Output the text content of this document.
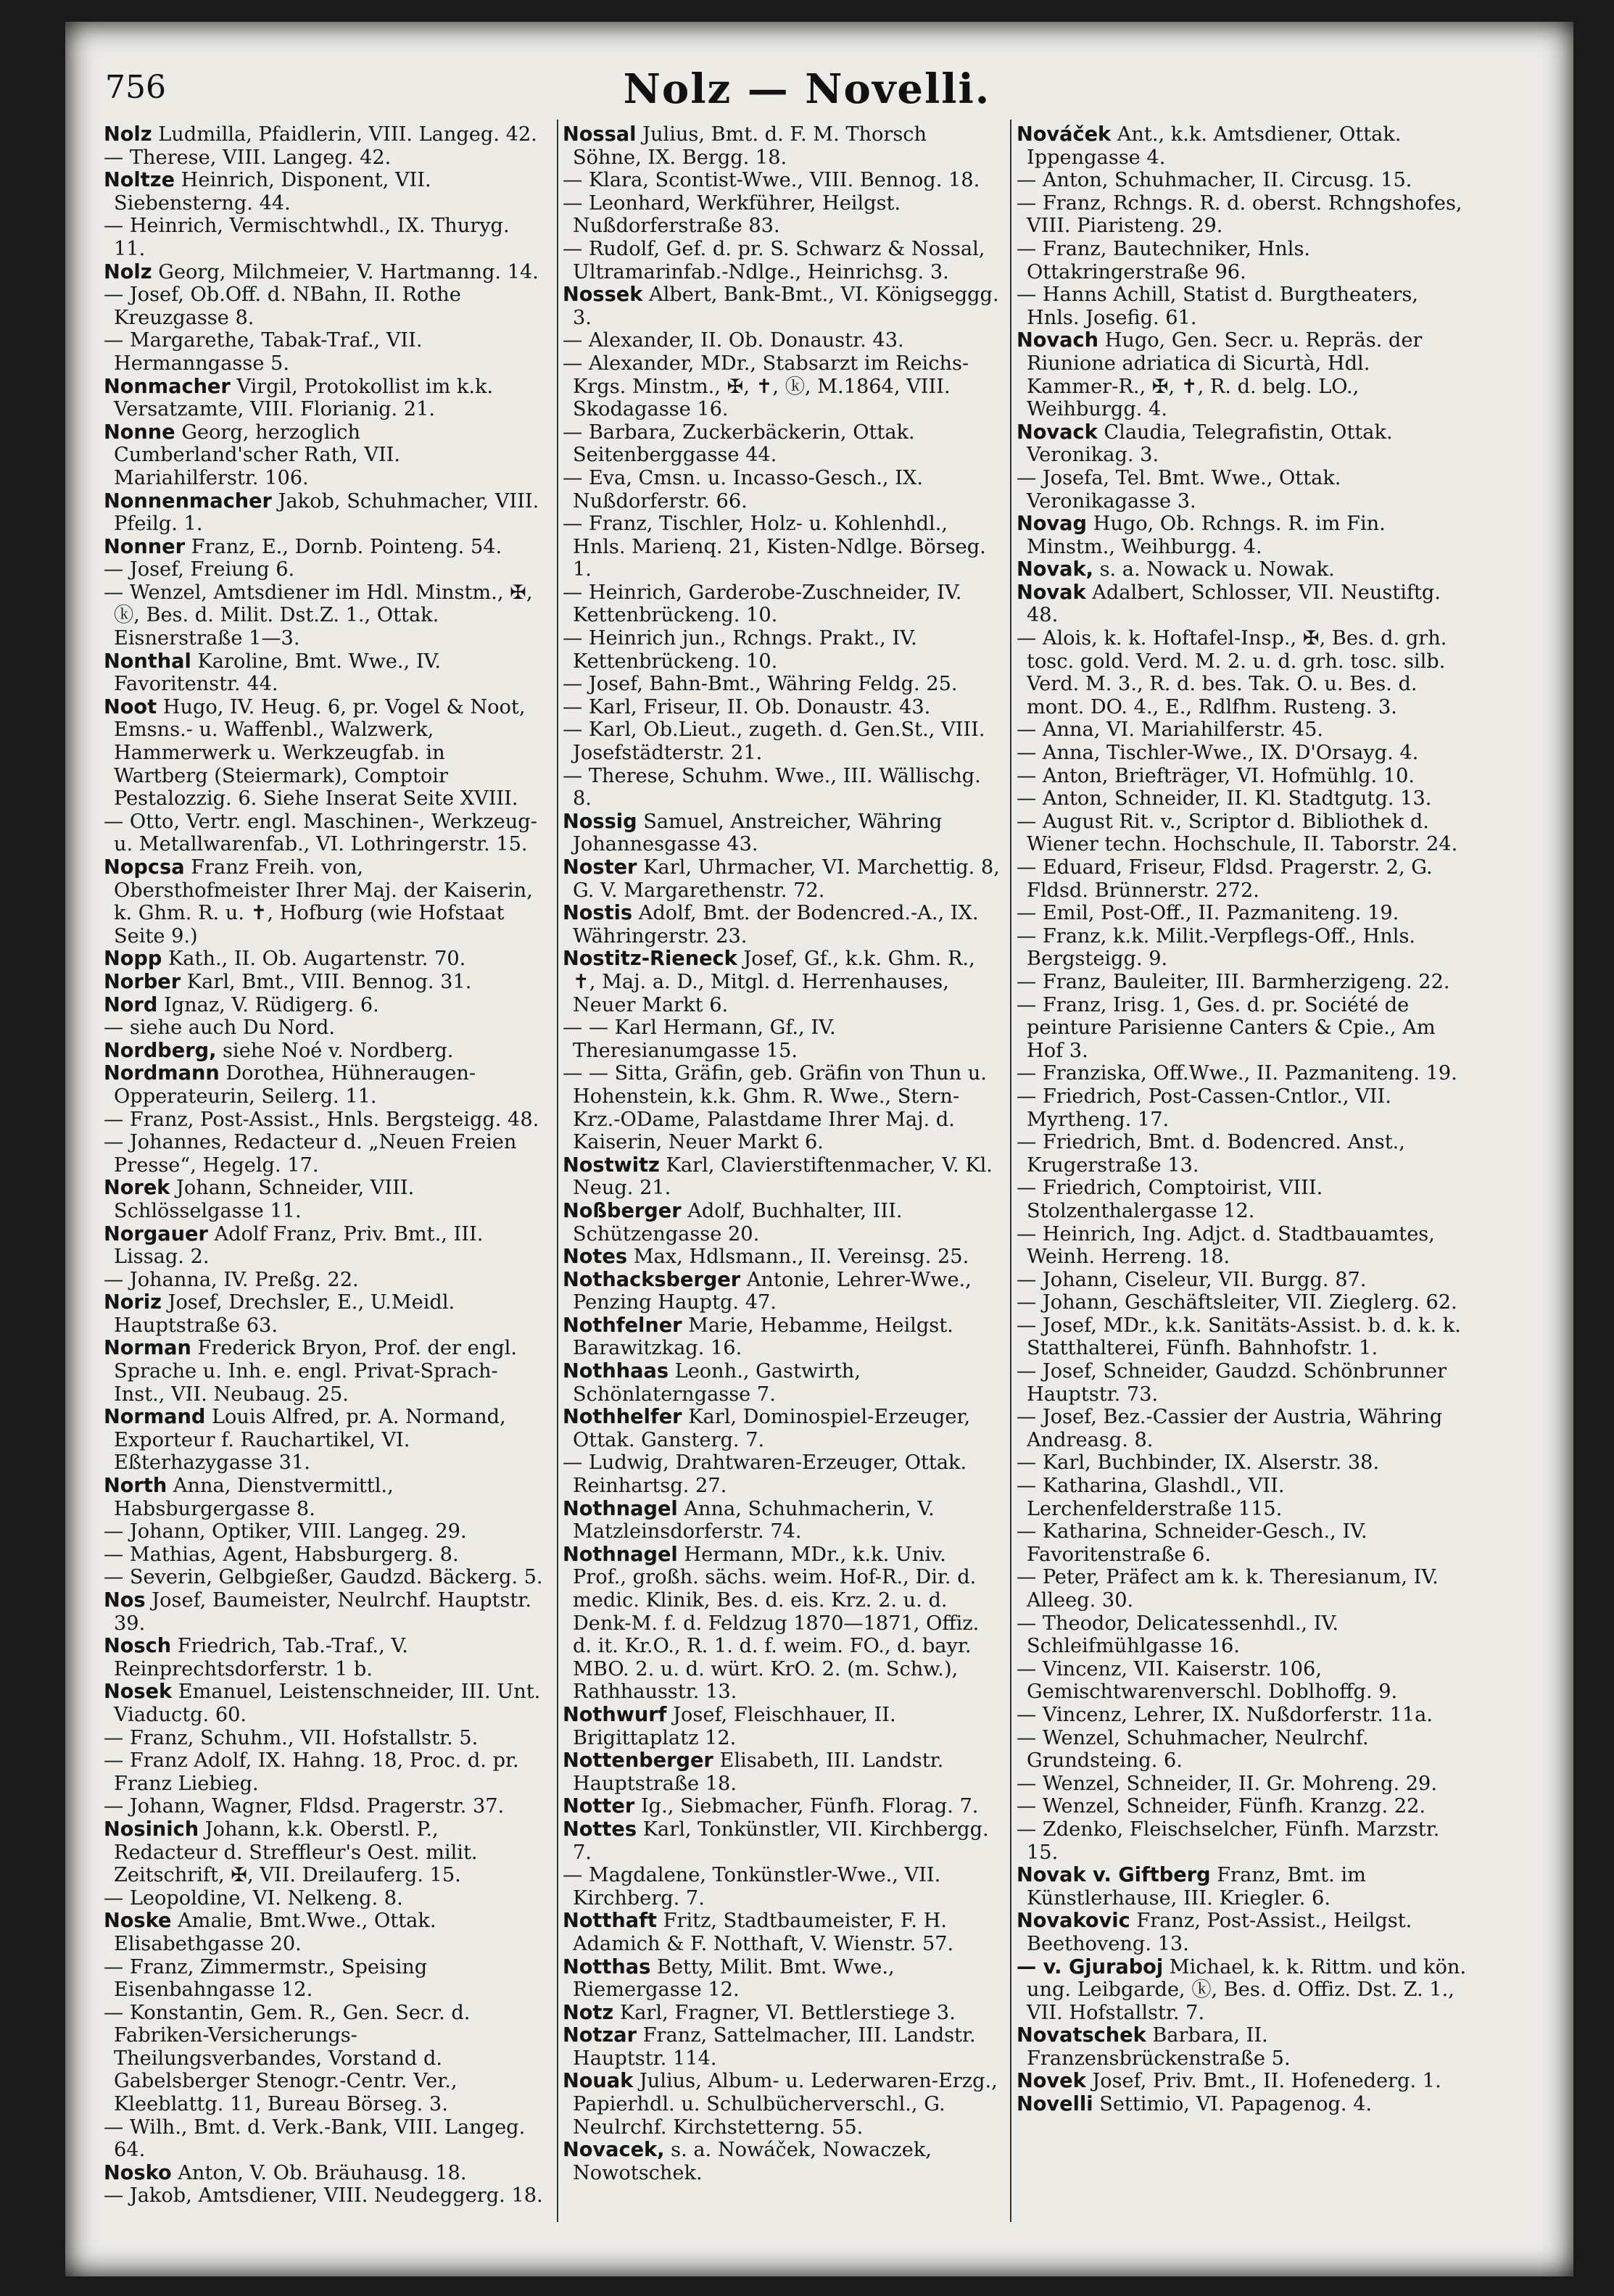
756	Nolz — Novelli.

Nolz Ludmilla, Pfaidlerin, VIII. Langeg. 42.

— Therese, VIII. Langeg. 42.

Noltze Heinrich, Disponent, VII. Siebensterng. 44.

— Heinrich, Vermischtwhdl., IX. Thuryg. 11.

Nolz Georg, Milchmeier, V. Hartmanng. 14.

— Josef, Ob.Off. d. NBahn, II. Rothe Kreuzgasse 8.

— Margarethe, Tabak-Traf., VII. Hermanngasse 5.

Nonmacher Virgil, Protokollist im k.k. Versatzamte, VIII. Florianig. 21.

Nonne Georg, herzoglich Cumberland'scher Rath, VII. Mariahilferstr. 106.

Nonnenmacher Jakob, Schuhmacher, VIII. Pfeilg. 1.

Nonner Franz, E., Dornb. Pointeng. 54.

— Josef, Freiung 6.

— Wenzel, Amtsdiener im Hdl. Minstm., ✠, ⓚ, Bes. d. Milit. Dst.Z. 1., Ottak. Eisnerstraße 1—3.

Nonthal Karoline, Bmt. Wwe., IV. Favoritenstr. 44.

Noot Hugo, IV. Heug. 6, pr. Vogel & Noot, Emsns.- u. Waffenbl., Walzwerk, Hammerwerk u. Werkzeugfab. in Wartberg (Steiermark), Comptoir Pestalozzig. 6. Siehe Inserat Seite XVIII.

— Otto, Vertr. engl. Maschinen-, Werkzeug- u. Metallwarenfab., VI. Lothringerstr. 15.

Nopcsa Franz Freih. von, Obersthofmeister Ihrer Maj. der Kaiserin, k. Ghm. R. u. ✝, Hofburg (wie Hofstaat Seite 9.)

Nopp Kath., II. Ob. Augartenstr. 70.

Norber Karl, Bmt., VIII. Bennog. 31.

Nord Ignaz, V. Rüdigerg. 6.

— siehe auch Du Nord.

Nordberg, siehe Noé v. Nordberg.

Nordmann Dorothea, Hühneraugen-Opperateurin, Seilerg. 11.

— Franz, Post-Assist., Hnls. Bergsteigg. 48.

— Johannes, Redacteur d. „Neuen Freien Presse“, Hegelg. 17.

Norek Johann, Schneider, VIII. Schlösselgasse 11.

Norgauer Adolf Franz, Priv. Bmt., III. Lissag. 2.

— Johanna, IV. Preßg. 22.

Noriz Josef, Drechsler, E., U.Meidl. Hauptstraße 63.

Norman Frederick Bryon, Prof. der engl. Sprache u. Inh. e. engl. Privat-Sprach-Inst., VII. Neubaug. 25.

Normand Louis Alfred, pr. A. Normand, Exporteur f. Rauchartikel, VI. Eßterhazygasse 31.

North Anna, Dienstvermittl., Habsburgergasse 8.

— Johann, Optiker, VIII. Langeg. 29.

— Mathias, Agent, Habsburgerg. 8.

— Severin, Gelbgießer, Gaudzd. Bäckerg. 5.

Nos Josef, Baumeister, Neulrchf. Hauptstr. 39.

Nosch Friedrich, Tab.-Traf., V. Reinprechtsdorferstr. 1 b.

Nosek Emanuel, Leistenschneider, III. Unt. Viaductg. 60.

— Franz, Schuhm., VII. Hofstallstr. 5.

— Franz Adolf, IX. Hahng. 18, Proc. d. pr. Franz Liebieg.

— Johann, Wagner, Fldsd. Pragerstr. 37.

Nosinich Johann, k.k. Oberstl. P., Redacteur d. Streffleur's Oest. milit. Zeitschrift, ✠, VII. Dreilauferg. 15.

— Leopoldine, VI. Nelkeng. 8.

Noske Amalie, Bmt.Wwe., Ottak. Elisabethgasse 20.

— Franz, Zimmermstr., Speising Eisenbahngasse 12.

— Konstantin, Gem. R., Gen. Secr. d. Fabriken-Versicherungs-Theilungsverbandes, Vorstand d. Gabelsberger Stenogr.-Centr. Ver., Kleeblattg. 11, Bureau Börseg. 3.

— Wilh., Bmt. d. Verk.-Bank, VIII. Langeg. 64.

Nosko Anton, V. Ob. Bräuhausg. 18.

— Jakob, Amtsdiener, VIII. Neudeggerg. 18.

Nossal Julius, Bmt. d. F. M. Thorsch Söhne, IX. Bergg. 18.

— Klara, Scontist-Wwe., VIII. Bennog. 18.

— Leonhard, Werkführer, Heilgst. Nußdorferstraße 83.

— Rudolf, Gef. d. pr. S. Schwarz & Nossal, Ultramarinfab.-Ndlge., Heinrichsg. 3.

Nossek Albert, Bank-Bmt., VI. Königseggg. 3.

— Alexander, II. Ob. Donaustr. 43.

— Alexander, MDr., Stabsarzt im Reichs-Krgs. Minstm., ✠, ✝, ⓚ, M.1864, VIII. Skodagasse 16.

— Barbara, Zuckerbäckerin, Ottak. Seitenberggasse 44.

— Eva, Cmsn. u. Incasso-Gesch., IX. Nußdorferstr. 66.

— Franz, Tischler, Holz- u. Kohlenhdl., Hnls. Marienq. 21, Kisten-Ndlge. Börseg. 1.

— Heinrich, Garderobe-Zuschneider, IV. Kettenbrückeng. 10.

— Heinrich jun., Rchngs. Prakt., IV. Kettenbrückeng. 10.

— Josef, Bahn-Bmt., Währing Feldg. 25.

— Karl, Friseur, II. Ob. Donaustr. 43.

— Karl, Ob.Lieut., zugeth. d. Gen.St., VIII. Josefstädterstr. 21.

— Therese, Schuhm. Wwe., III. Wällischg. 8.

Nossig Samuel, Anstreicher, Währing Johannesgasse 43.

Noster Karl, Uhrmacher, VI. Marchettig. 8, G. V. Margarethenstr. 72.

Nostis Adolf, Bmt. der Bodencred.-A., IX. Währingerstr. 23.

Nostitz-Rieneck Josef, Gf., k.k. Ghm. R., ✝, Maj. a. D., Mitgl. d. Herrenhauses, Neuer Markt 6.

— — Karl Hermann, Gf., IV. Theresianumgasse 15.

— — Sitta, Gräfin, geb. Gräfin von Thun u. Hohenstein, k.k. Ghm. R. Wwe., Stern-Krz.-ODame, Palastdame Ihrer Maj. d. Kaiserin, Neuer Markt 6.

Nostwitz Karl, Clavierstiftenmacher, V. Kl. Neug. 21.

Noßberger Adolf, Buchhalter, III. Schützengasse 20.

Notes Max, Hdlsmann., II. Vereinsg. 25.

Nothacksberger Antonie, Lehrer-Wwe., Penzing Hauptg. 47.

Nothfelner Marie, Hebamme, Heilgst. Barawitzkag. 16.

Nothhaas Leonh., Gastwirth, Schönlaterngasse 7.

Nothhelfer Karl, Dominospiel-Erzeuger, Ottak. Gansterg. 7.

— Ludwig, Drahtwaren-Erzeuger, Ottak. Reinhartsg. 27.

Nothnagel Anna, Schuhmacherin, V. Matzleinsdorferstr. 74.

Nothnagel Hermann, MDr., k.k. Univ. Prof., großh. sächs. weim. Hof-R., Dir. d. medic. Klinik, Bes. d. eis. Krz. 2. u. d. Denk-M. f. d. Feldzug 1870—1871, Offiz. d. it. Kr.O., R. 1. d. f. weim. FO., d. bayr. MBO. 2. u. d. würt. KrO. 2. (m. Schw.), Rathhausstr. 13.

Nothwurf Josef, Fleischhauer, II. Brigittaplatz 12.

Nottenberger Elisabeth, III. Landstr. Hauptstraße 18.

Notter Ig., Siebmacher, Fünfh. Florag. 7.

Nottes Karl, Tonkünstler, VII. Kirchbergg. 7.

— Magdalene, Tonkünstler-Wwe., VII. Kirchberg. 7.

Notthaft Fritz, Stadtbaumeister, F. H. Adamich & F. Notthaft, V. Wienstr. 57.

Notthas Betty, Milit. Bmt. Wwe., Riemergasse 12.

Notz Karl, Fragner, VI. Bettlerstiege 3.

Notzar Franz, Sattelmacher, III. Landstr. Hauptstr. 114.

Nouak Julius, Album- u. Lederwaren-Erzg., Papierhdl. u. Schulbücherverschl., G. Neulrchf. Kirchstetterng. 55.

Novacek, s. a. Nowáček, Nowaczek, Nowotschek.

Nováček Ant., k.k. Amtsdiener, Ottak. Ippengasse 4.

— Anton, Schuhmacher, II. Circusg. 15.

— Franz, Rchngs. R. d. oberst. Rchngshofes, VIII. Piaristeng. 29.

— Franz, Bautechniker, Hnls. Ottakringerstraße 96.

— Hanns Achill, Statist d. Burgtheaters, Hnls. Josefig. 61.

Novach Hugo, Gen. Secr. u. Repräs. der Riunione adriatica di Sicurtà, Hdl. Kammer-R., ✠, ✝, R. d. belg. LO., Weihburgg. 4.

Novack Claudia, Telegrafistin, Ottak. Veronikag. 3.

— Josefa, Tel. Bmt. Wwe., Ottak. Veronikagasse 3.

Novag Hugo, Ob. Rchngs. R. im Fin. Minstm., Weihburgg. 4.

Novak, s. a. Nowack u. Nowak.

Novak Adalbert, Schlosser, VII. Neustiftg. 48.

— Alois, k. k. Hoftafel-Insp., ✠, Bes. d. grh. tosc. gold. Verd. M. 2. u. d. grh. tosc. silb. Verd. M. 3., R. d. bes. Tak. O. u. Bes. d. mont. DO. 4., E., Rdlfhm. Rusteng. 3.

— Anna, VI. Mariahilferstr. 45.

— Anna, Tischler-Wwe., IX. D'Orsayg. 4.

— Anton, Briefträger, VI. Hofmühlg. 10.

— Anton, Schneider, II. Kl. Stadtgutg. 13.

— August Rit. v., Scriptor d. Bibliothek d. Wiener techn. Hochschule, II. Taborstr. 24.

— Eduard, Friseur, Fldsd. Pragerstr. 2, G. Fldsd. Brünnerstr. 272.

— Emil, Post-Off., II. Pazmaniteng. 19.

— Franz, k.k. Milit.-Verpflegs-Off., Hnls. Bergsteigg. 9.

— Franz, Bauleiter, III. Barmherzigeng. 22.

— Franz, Irisg. 1, Ges. d. pr. Société de peinture Parisienne Canters & Cpie., Am Hof 3.

— Franziska, Off.Wwe., II. Pazmaniteng. 19.

— Friedrich, Post-Cassen-Cntlor., VII. Myrtheng. 17.

— Friedrich, Bmt. d. Bodencred. Anst., Krugerstraße 13.

— Friedrich, Comptoirist, VIII. Stolzenthalergasse 12.

— Heinrich, Ing. Adjct. d. Stadtbauamtes, Weinh. Herreng. 18.

— Johann, Ciseleur, VII. Burgg. 87.

— Johann, Geschäftsleiter, VII. Zieglerg. 62.

— Josef, MDr., k.k. Sanitäts-Assist. b. d. k. k. Statthalterei, Fünfh. Bahnhofstr. 1.

— Josef, Schneider, Gaudzd. Schönbrunner Hauptstr. 73.

— Josef, Bez.-Cassier der Austria, Währing Andreasg. 8.

— Karl, Buchbinder, IX. Alserstr. 38.

— Katharina, Glashdl., VII. Lerchenfelderstraße 115.

— Katharina, Schneider-Gesch., IV. Favoritenstraße 6.

— Peter, Präfect am k. k. Theresianum, IV. Alleeg. 30.

— Theodor, Delicatessenhdl., IV. Schleifmühlgasse 16.

— Vincenz, VII. Kaiserstr. 106, Gemischtwarenverschl. Doblhoffg. 9.

— Vincenz, Lehrer, IX. Nußdorferstr. 11a.

— Wenzel, Schuhmacher, Neulrchf. Grundsteing. 6.

— Wenzel, Schneider, II. Gr. Mohreng. 29.

— Wenzel, Schneider, Fünfh. Kranzg. 22.

— Zdenko, Fleischselcher, Fünfh. Marzstr. 15.

Novak v. Giftberg Franz, Bmt. im Künstlerhause, III. Kriegler. 6.

Novakovic Franz, Post-Assist., Heilgst. Beethoveng. 13.

— v. Gjuraboj Michael, k. k. Rittm. und kön. ung. Leibgarde, ⓚ, Bes. d. Offiz. Dst. Z. 1., VII. Hofstallstr. 7.

Novatschek Barbara, II. Franzensbrückenstraße 5.

Novek Josef, Priv. Bmt., II. Hofenederg. 1.

Novelli Settimio, VI. Papagenog. 4.
